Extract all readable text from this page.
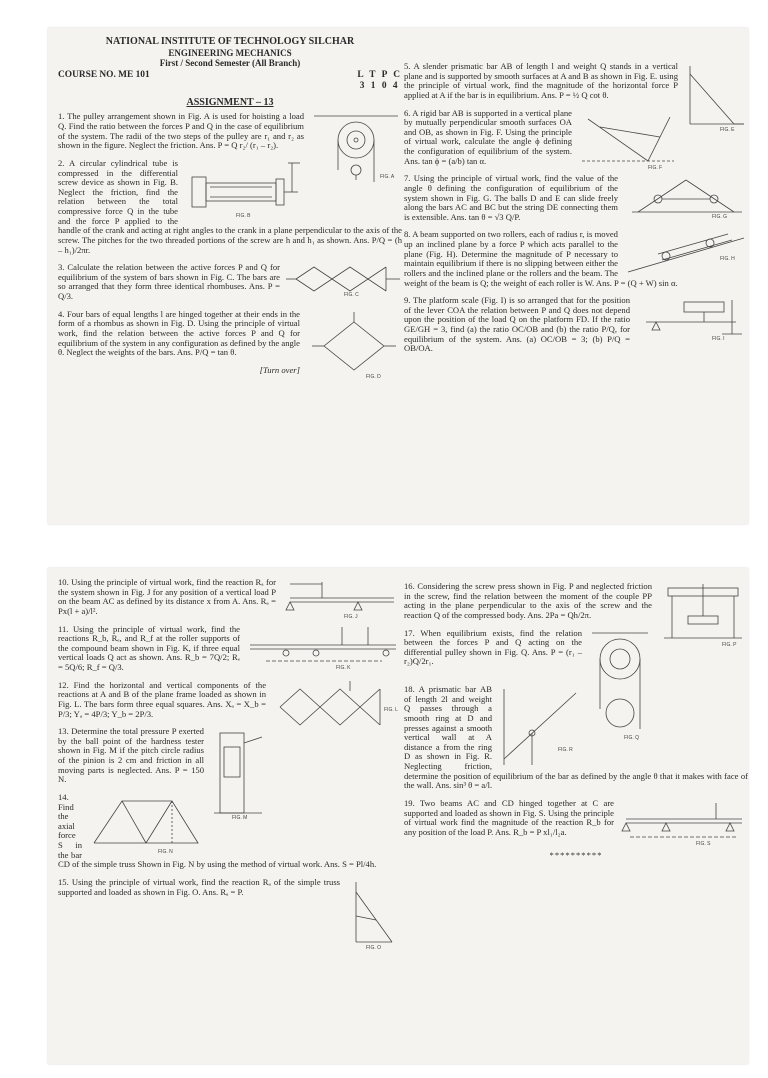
NATIONAL INSTITUTE OF TECHNOLOGY SILCHAR
ENGINEERING MECHANICS
First / Second Semester (All Branch)
COURSE NO. ME 101	L T P C
3 1 0 4
ASSIGNMENT – 13
FIG. A
1. The pulley arrangement shown in Fig. A is used for hoisting a load Q. Find the ratio between the forces P and Q in the case of equilibrium of the system. The radii of the two steps of the pulley are r₁ and r₂ as shown in the figure. Neglect the friction. Ans. P = Q r₂/ (r₁ – r₂).
FIG. B
2. A circular cylindrical tube is compressed in the differential screw device as shown in Fig. B. Neglect the friction, find the relation between the total compressive force Q in the tube and the force P applied to the handle of the crank and acting at right angles to the crank in a plane perpendicular to the axis of the screw. The pitches for the two threaded portions of the screw are h and h₁ as shown. Ans. P/Q = (h – h₁)/2πr.
FIG. C
3. Calculate the relation between the active forces P and Q for equilibrium of the system of bars shown in Fig. C. The bars are so arranged that they form three identical rhombuses. Ans. P = Q/3.
FIG. D
4. Four bars of equal lengths l are hinged together at their ends in the form of a rhombus as shown in Fig. D. Using the principle of virtual work, find the relation between the active forces P and Q for equilibrium of the system in any configuration as defined by the angle θ. Neglect the weights of the bars. Ans. P/Q = tan θ.
[Turn over]
FIG. E
5. A slender prismatic bar AB of length l and weight Q stands in a vertical plane and is supported by smooth surfaces at A and B as shown in Fig. E. using the principle of virtual work, find the magnitude of the horizontal force P applied at A if the bar is in equilibrium. Ans. P = ½ Q cot θ.
FIG. F
6. A rigid bar AB is supported in a vertical plane by mutually perpendicular smooth surfaces OA and OB, as shown in Fig. F. Using the principle of virtual work, calculate the angle ϕ defining the configuration of equilibrium of the system. Ans. tan ϕ = (a/b) tan α.
FIG. G
7. Using the principle of virtual work, find the value of the angle θ defining the configuration of equilibrium of the system shown in Fig. G. The balls D and E can slide freely along the bars AC and BC but the string DE connecting them is extensible. Ans. tan θ = √3 Q/P.
FIG. H
8. A beam supported on two rollers, each of radius r, is moved up an inclined plane by a force P which acts parallel to the plane (Fig. H). Determine the magnitude of P necessary to maintain equilibrium if there is no slipping between either the rollers and the inclined plane or the rollers and the beam. The weight of the beam is Q; the weight of each roller is W. Ans. P = (Q + W) sin α.
FIG. I
9. The platform scale (Fig. I) is so arranged that for the position of the lever COA the relation between P and Q does not depend upon the position of the load Q on the platform FD. If the ratio GE/GH = 3, find (a) the ratio OC/OB and (b) the ratio P/Q, for equilibrium of the system. Ans. (a) OC/OB = 3; (b) P/Q = OB/OA.
FIG. J
10. Using the principle of virtual work, find the reaction Rₐ for the system shown in Fig. J for any position of a vertical load P on the beam AC as defined by its distance x from A. Ans. Rₐ = Px(l + a)/l².
FIG. K
11. Using the principle of virtual work, find the reactions R_b, Rₑ, and R_f at the roller supports of the compound beam shown in Fig. K, if three equal vertical loads Q act as shown. Ans. R_b = 7Q/2; Rₑ = 5Q/6; R_f = Q/3.
FIG. L
12. Find the horizontal and vertical components of the reactions at A and B of the plane frame loaded as shown in Fig. L. The bars form three equal squares. Ans. Xₐ = X_b = P/3; Yₐ = 4P/3; Y_b = 2P/3.
FIG. M
13. Determine the total pressure P exerted by the ball point of the hardness tester shown in Fig. M if the pitch circle radius of the pinion is 2 cm and friction in all moving parts is neglected. Ans. P = 150 N.
FIG. N
14. Find the axial force S in the bar CD of the simple truss Shown in Fig. N by using the method of virtual work. Ans. S = Pl/4h.
FIG. O
15. Using the principle of virtual work, find the reaction Rₐ of the simple truss supported and loaded as shown in Fig. O. Ans. Rₐ = P.
FIG. P
16. Considering the screw press shown in Fig. P and neglected friction in the screw, find the relation between the moment of the couple PP acting in the plane perpendicular to the axis of the screw and the reaction Q of the compressed body. Ans. 2Pa = Qh/2π.
FIG. Q
17. When equilibrium exists, find the relation between the forces P and Q acting on the differential pulley shown in Fig. Q. Ans. P = (r₁ – r₂)Q/2r₁.
FIG. R
18. A prismatic bar AB of length 2l and weight Q passes through a smooth ring at D and presses against a smooth vertical wall at A distance a from the ring D as shown in Fig. R. Neglecting friction, determine the position of equilibrium of the bar as defined by the angle θ that it makes with face of the wall. Ans. sin³ θ = a/l.
FIG. S
19. Two beams AC and CD hinged together at C are supported and loaded as shown in Fig. S. Using the principle of virtual work find the magnitude of the reaction R_b for any position of the load P. Ans. R_b = P xl₁/l₂a.
**********
